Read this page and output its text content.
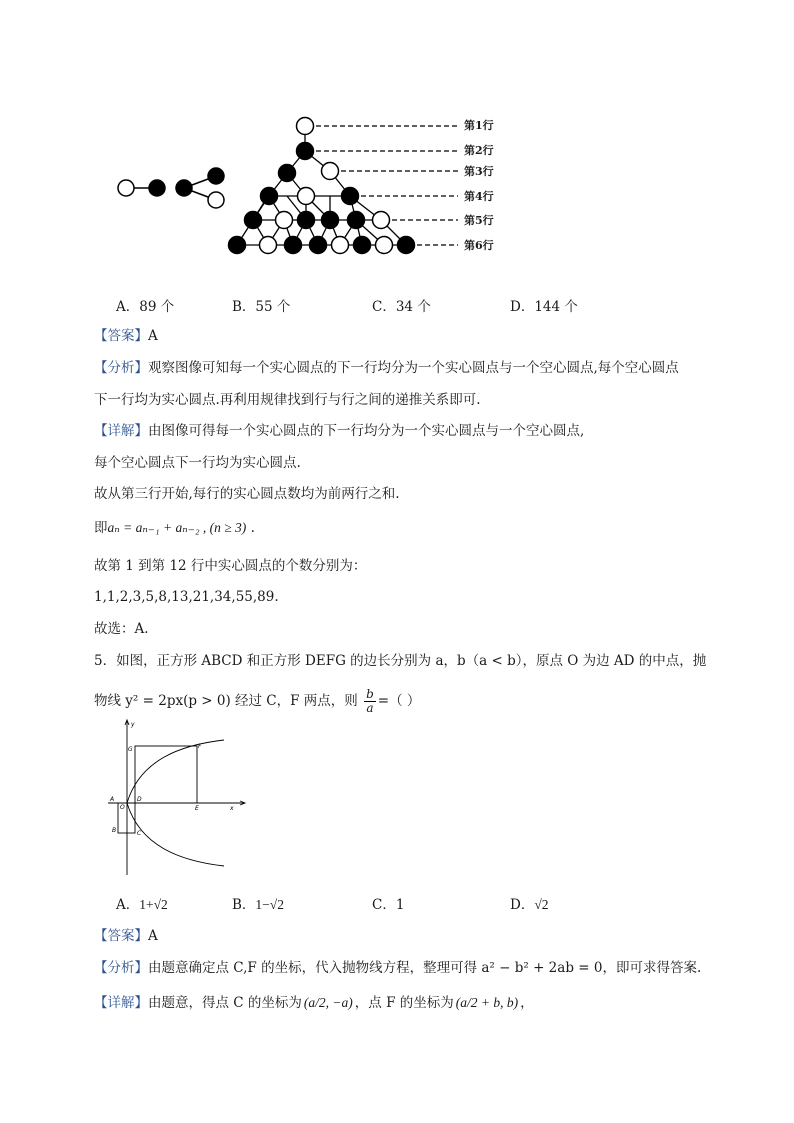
第1行
第2行
第3行
第4行
第5行
第6行
A．89 个	B．55 个	C．34 个	D．144 个
【答案】A
【分析】观察图像可知每一个实心圆点的下一行均分为一个实心圆点与一个空心圆点,每个空心圆点
下一行均为实心圆点.再利用规律找到行与行之间的递推关系即可.
【详解】由图像可得每一个实心圆点的下一行均分为一个实心圆点与一个空心圆点,
每个空心圆点下一行均为实心圆点.
故从第三行开始,每行的实心圆点数均为前两行之和.
即aₙ = aₙ₋₁ + aₙ₋₂ , (n ≥ 3) .
故第 1 到第 12 行中实心圆点的个数分别为：
1,1,2,3,5,8,13,21,34,55,89.
故选：A.
5．如图，正方形 ABCD 和正方形 DEFG 的边长分别为 a，b（a < b），原点 O 为边 AD 的中点，抛
物线 y² = 2px(p > 0) 经过 C，F 两点，则 $\frac{b}{a}$ =（ ）
y
x
G	F
A
O
D
E
B	C
A．1+√2	B．1−√2	C．1	D．√2
【答案】A
【分析】由题意确定点 C,F 的坐标，代入抛物线方程，整理可得 a² − b² + 2ab = 0，即可求得答案.
【详解】由题意，得点 C 的坐标为 (a/2, −a) ，点 F 的坐标为 (a/2 + b, b) ，
